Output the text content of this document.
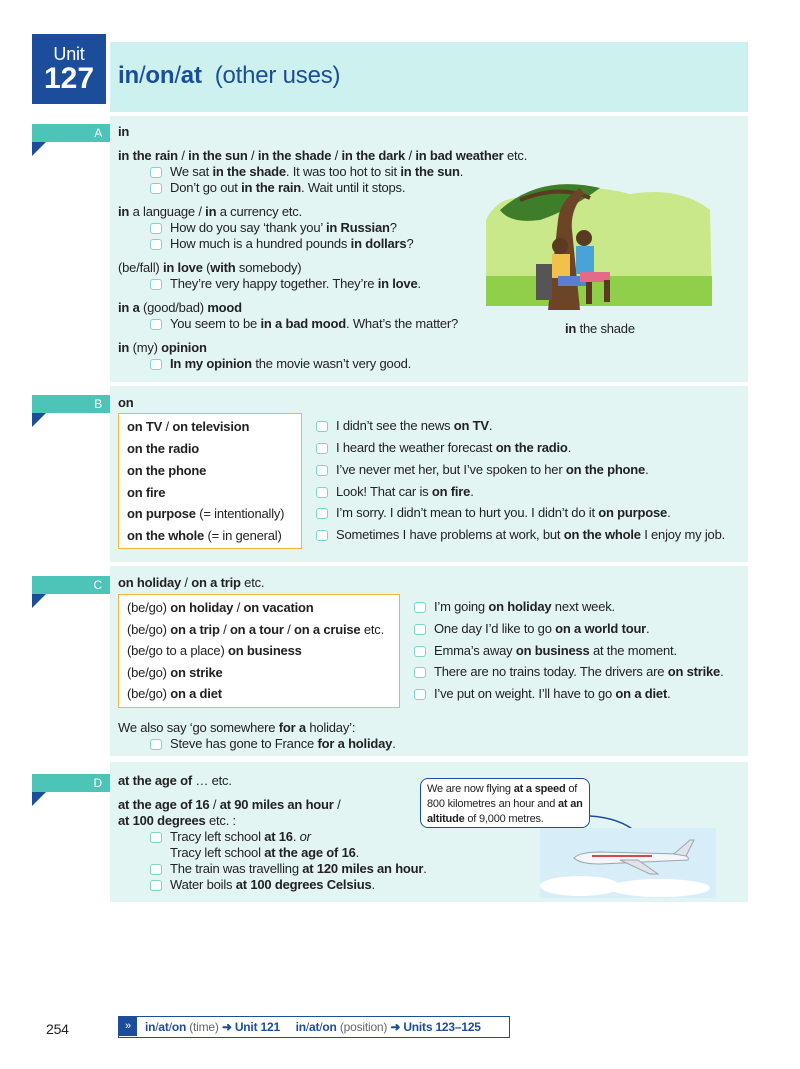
Unit
127 in/on/at (other uses)
A	in
in the rain / in the sun / in the shade / in the dark / in bad weather etc.
We sat in the shade. It was too hot to sit in the sun.
Don’t go out in the rain. Wait until it stops.
in a language / in a currency etc.
How do you say ‘thank you’ in Russian?
How much is a hundred pounds in dollars?
(be/fall) in love (with somebody)
They’re very happy together. They’re in love.
in a (good/bad) mood
You seem to be in a bad mood. What’s the matter?
in (my) opinion
In my opinion the movie wasn’t very good.
in the shade
B	on
on TV / on television
on the radio
on the phone
on fire
on purpose (= intentionally)
on the whole (= in general)
I didn’t see the news on TV.
I heard the weather forecast on the radio.
I’ve never met her, but I’ve spoken to her on the phone.
Look! That car is on fire.
I’m sorry. I didn’t mean to hurt you. I didn’t do it on purpose.
Sometimes I have problems at work, but on the whole I enjoy my job.
C	on holiday / on a trip etc.
(be/go) on holiday / on vacation
(be/go) on a trip / on a tour / on a cruise etc.
(be/go to a place) on business
(be/go) on strike
(be/go) on a diet
I’m going on holiday next week.
One day I’d like to go on a world tour.
Emma’s away on business at the moment.
There are no trains today. The drivers are on strike.
I’ve put on weight. I’ll have to go on a diet.
We also say ‘go somewhere for a holiday’:
Steve has gone to France for a holiday.
D	at the age of … etc.
at the age of 16 / at 90 miles an hour /
at 100 degrees etc. :
Tracy left school at 16. or
Tracy left school at the age of 16.
The train was travelling at 120 miles an hour.
Water boils at 100 degrees Celsius.
We are now flying at a speed of
800 kilometres an hour and at an
altitude of 9,000 metres.
254	»	in/at/on (time) ➜ Unit 121 in/at/on (position) ➜ Units 123–125
